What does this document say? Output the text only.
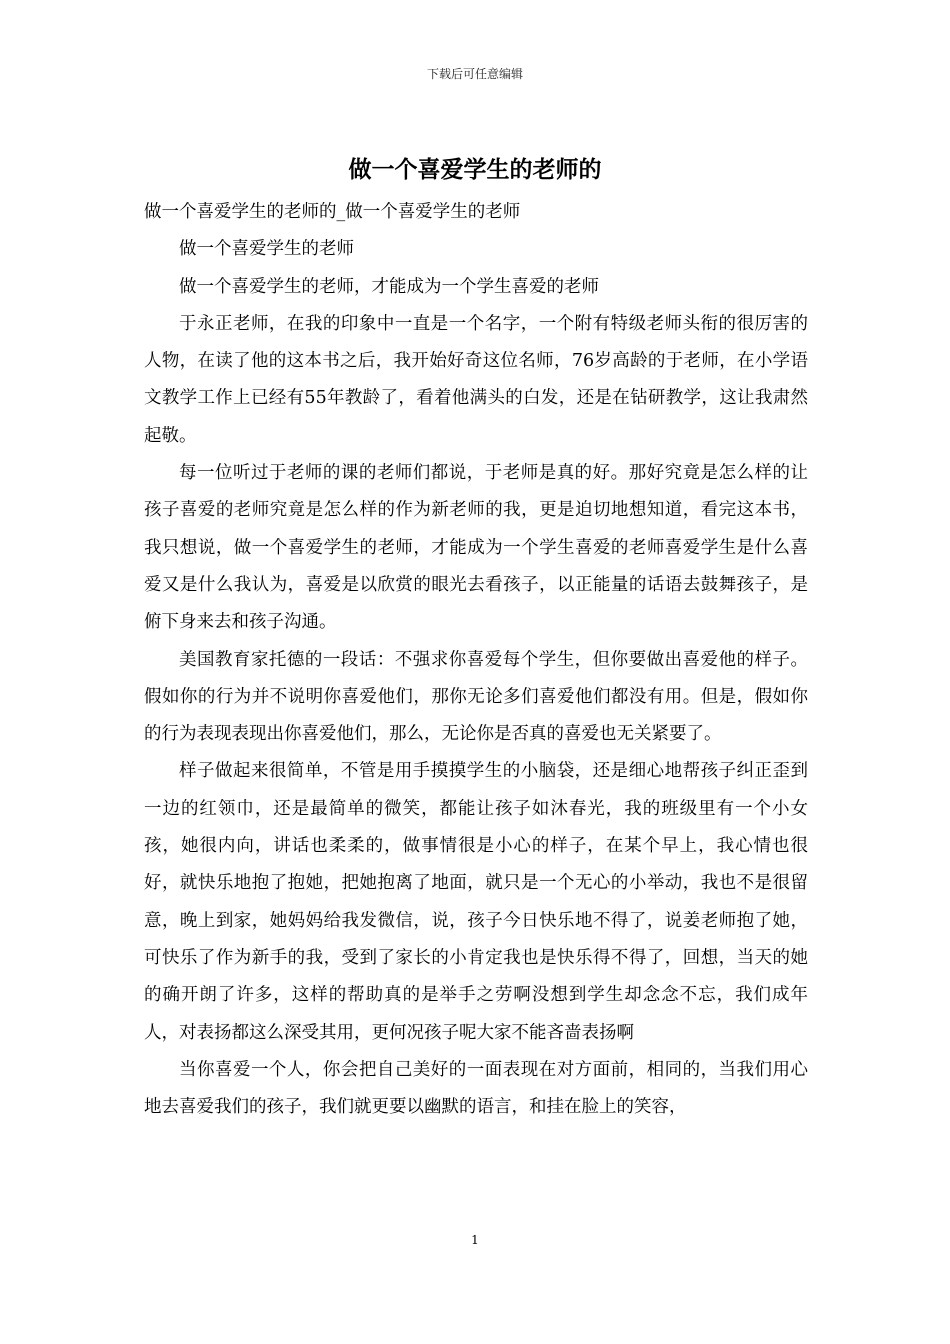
下载后可任意编辑
做一个喜爱学生的老师的

做一个喜爱学生的老师的_做一个喜爱学生的老师

做一个喜爱学生的老师

做一个喜爱学生的老师，才能成为一个学生喜爱的老师

于永正老师，在我的印象中一直是一个名字，一个附有特级老师头衔的很厉害的人物，在读了他的这本书之后，我开始好奇这位名师，76岁高龄的于老师，在小学语文教学工作上已经有55年教龄了，看着他满头的白发，还是在钻研教学，这让我肃然起敬。

每一位听过于老师的课的老师们都说，于老师是真的好。那好究竟是怎么样的让孩子喜爱的老师究竟是怎么样的作为新老师的我，更是迫切地想知道，看完这本书，我只想说，做一个喜爱学生的老师，才能成为一个学生喜爱的老师喜爱学生是什么喜爱又是什么我认为，喜爱是以欣赏的眼光去看孩子，以正能量的话语去鼓舞孩子，是俯下身来去和孩子沟通。

美国教育家托德的一段话：不强求你喜爱每个学生，但你要做出喜爱他的样子。假如你的行为并不说明你喜爱他们，那你无论多们喜爱他们都没有用。但是，假如你的行为表现表现出你喜爱他们，那么，无论你是否真的喜爱也无关紧要了。

样子做起来很简单，不管是用手摸摸学生的小脑袋，还是细心地帮孩子纠正歪到一边的红领巾，还是最简单的微笑，都能让孩子如沐春光，我的班级里有一个小女孩，她很内向，讲话也柔柔的，做事情很是小心的样子，在某个早上，我心情也很好，就快乐地抱了抱她，把她抱离了地面，就只是一个无心的小举动，我也不是很留意，晚上到家，她妈妈给我发微信，说，孩子今日快乐地不得了，说姜老师抱了她，可快乐了作为新手的我，受到了家长的小肯定我也是快乐得不得了，回想，当天的她的确开朗了许多，这样的帮助真的是举手之劳啊没想到学生却念念不忘，我们成年人，对表扬都这么深受其用，更何况孩子呢大家不能吝啬表扬啊

当你喜爱一个人，你会把自己美好的一面表现在对方面前，相同的，当我们用心地去喜爱我们的孩子，我们就更要以幽默的语言，和挂在脸上的笑容，

1
